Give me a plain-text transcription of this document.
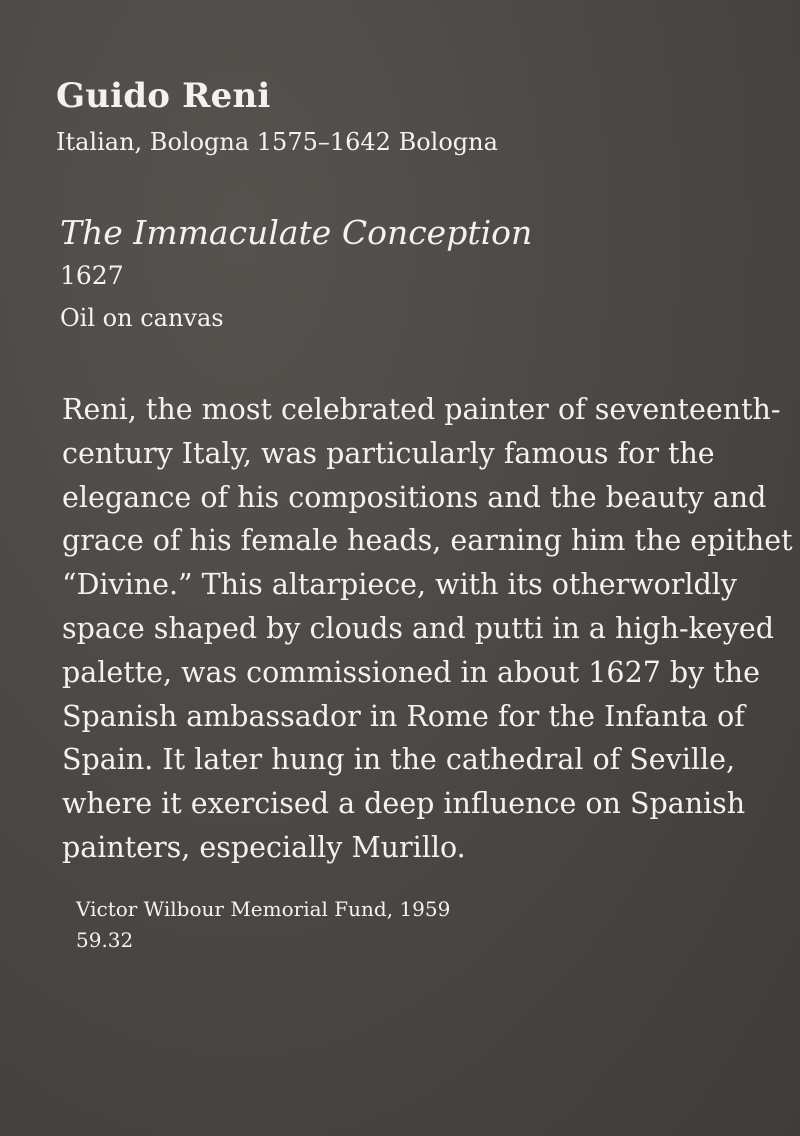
Guido Reni
Italian, Bologna 1575–1642 Bologna
The Immaculate Conception
1627
Oil on canvas
Reni, the most celebrated painter of seventeenth-
century Italy, was particularly famous for the
elegance of his compositions and the beauty and
grace of his female heads, earning him the epithet
“Divine.” This altarpiece, with its otherworldly
space shaped by clouds and putti in a high-keyed
palette, was commissioned in about 1627 by the
Spanish ambassador in Rome for the Infanta of
Spain. It later hung in the cathedral of Seville,
where it exercised a deep influence on Spanish
painters, especially Murillo.
Victor Wilbour Memorial Fund, 1959
59.32
